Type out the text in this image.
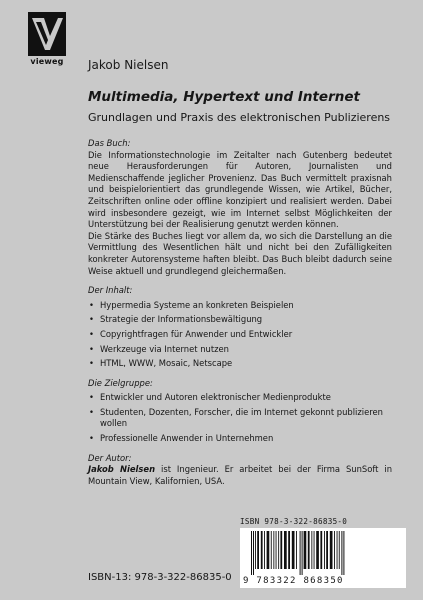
vieweg Jakob Nielsen
Multimedia, Hypertext und Internet
Grundlagen und Praxis des elektronischen Publizierens
Das Buch:

Die Informationstechnologie im Zeitalter nach Gutenberg bedeutet neue Herausforderungen für Autoren, Journalisten und Medienschaffende jeglicher Provenienz. Das Buch vermittelt praxisnah und beispielorientiert das grundlegende Wissen, wie Artikel, Bücher, Zeitschriften online oder offline konzipiert und realisiert werden. Dabei wird insbesondere gezeigt, wie im Internet selbst Möglichkeiten der Unterstützung bei der Realisierung genutzt werden können.

Die Stärke des Buches liegt vor allem da, wo sich die Darstellung an die Vermittlung des Wesentlichen hält und nicht bei den Zufälligkeiten konkreter Autorensysteme haften bleibt. Das Buch bleibt dadurch seine Weise aktuell und grundlegend gleichermaßen.

Der Inhalt:
• Hypermedia Systeme an konkreten Beispielen
• Strategie der Informationsbewältigung
• Copyrightfragen für Anwender und Entwickler
• Werkzeuge via Internet nutzen
• HTML, WWW, Mosaic, Netscape
Die Zielgruppe:
• Entwickler und Autoren elektronischer Medienprodukte
• Studenten, Dozenten, Forscher, die im Internet gekonnt publizieren wollen
• Professionelle Anwender in Unternehmen
Der Autor:

Jakob Nielsen ist Ingenieur. Er arbeitet bei der Firma SunSoft in Mountain View, Kalifornien, USA.

ISBN 978-3-322-86835-0
9 783322 868350
ISBN-13: 978-3-322-86835-0
